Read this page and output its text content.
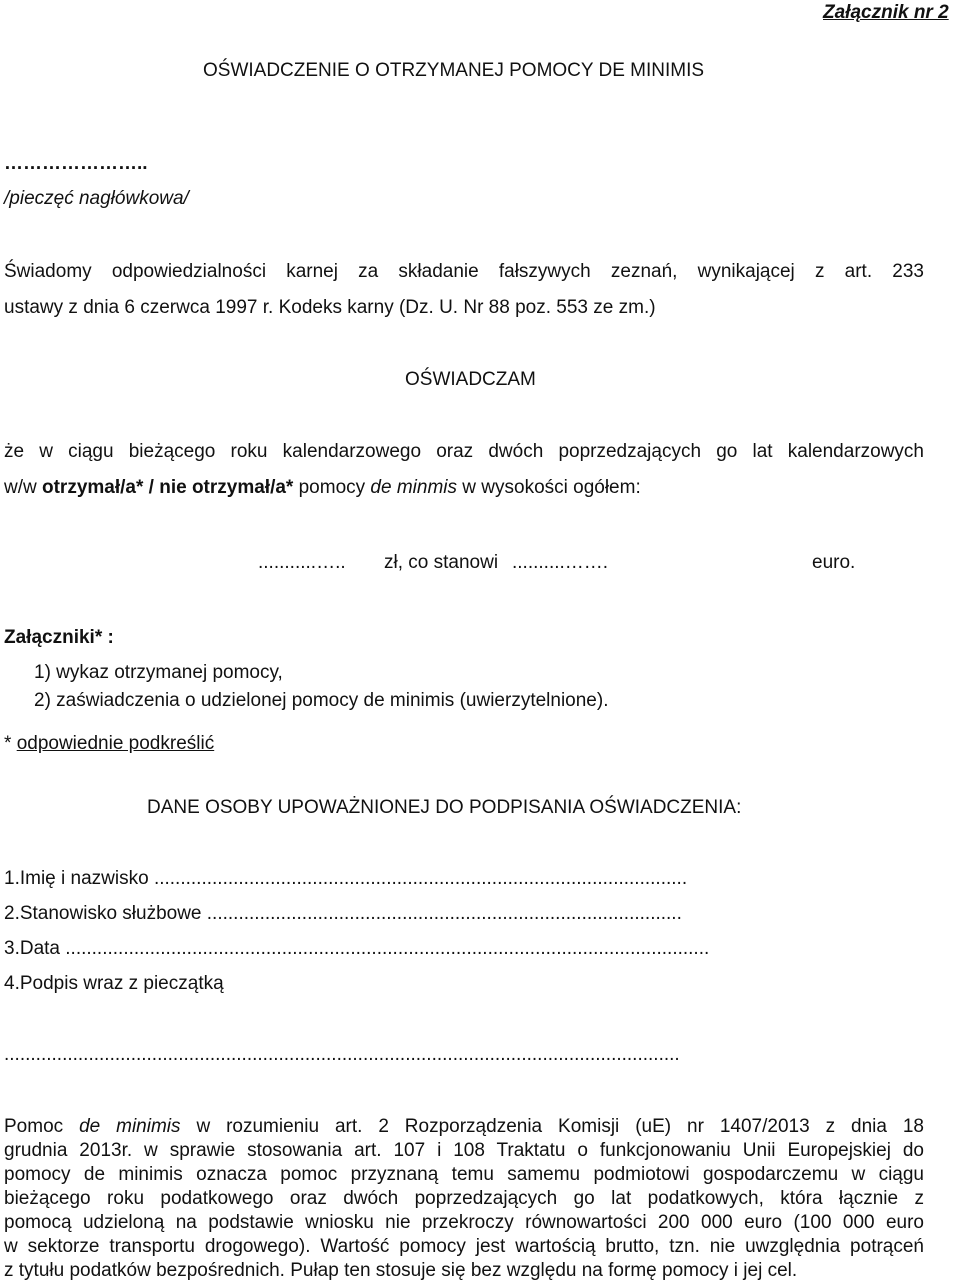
Załącznik nr 2
OŚWIADCZENIE O OTRZYMANEJ POMOCY DE MINIMIS
…………………..
/pieczęć nagłówkowa/
Świadomy odpowiedzialności karnej za składanie fałszywych zeznań, wynikającej z art. 233
ustawy z dnia 6 czerwca 1997 r. Kodeks karny (Dz. U. Nr 88 poz. 553 ze zm.)
OŚWIADCZAM
że w ciągu bieżącego roku kalendarzowego oraz dwóch poprzedzających go lat kalendarzowych
w/w otrzymał/a* / nie otrzymał/a* pomocy de minmis w wysokości ogółem:
...........….. zł, co stanowi ..........…….	euro.
Załączniki* :
1) wykaz otrzymanej pomocy,
2) zaświadczenia o udzielonej pomocy de minimis (uwierzytelnione).
* odpowiednie podkreślić
DANE OSOBY UPOWAŻNIONEJ DO PODPISANIA OŚWIADCZENIA:
1.Imię i nazwisko .....................................................................................................
2.Stanowisko służbowe ..........................................................................................
3.Data ..........................................................................................................................
4.Podpis wraz z pieczątką
................................................................................................................................
Pomoc de minimis w rozumieniu art. 2 Rozporządzenia Komisji (uE) nr 1407/2013 z dnia 18
grudnia 2013r. w sprawie stosowania art. 107 i 108 Traktatu o funkcjonowaniu Unii Europejskiej do
pomocy de minimis oznacza pomoc przyznaną temu samemu podmiotowi gospodarczemu w ciągu
bieżącego roku podatkowego oraz dwóch poprzedzających go lat podatkowych, która łącznie z
pomocą udzieloną na podstawie wniosku nie przekroczy równowartości 200 000 euro (100 000 euro
w sektorze transportu drogowego). Wartość pomocy jest wartością brutto, tzn. nie uwzględnia potrąceń
z tytułu podatków bezpośrednich. Pułap ten stosuje się bez względu na formę pomocy i jej cel.
